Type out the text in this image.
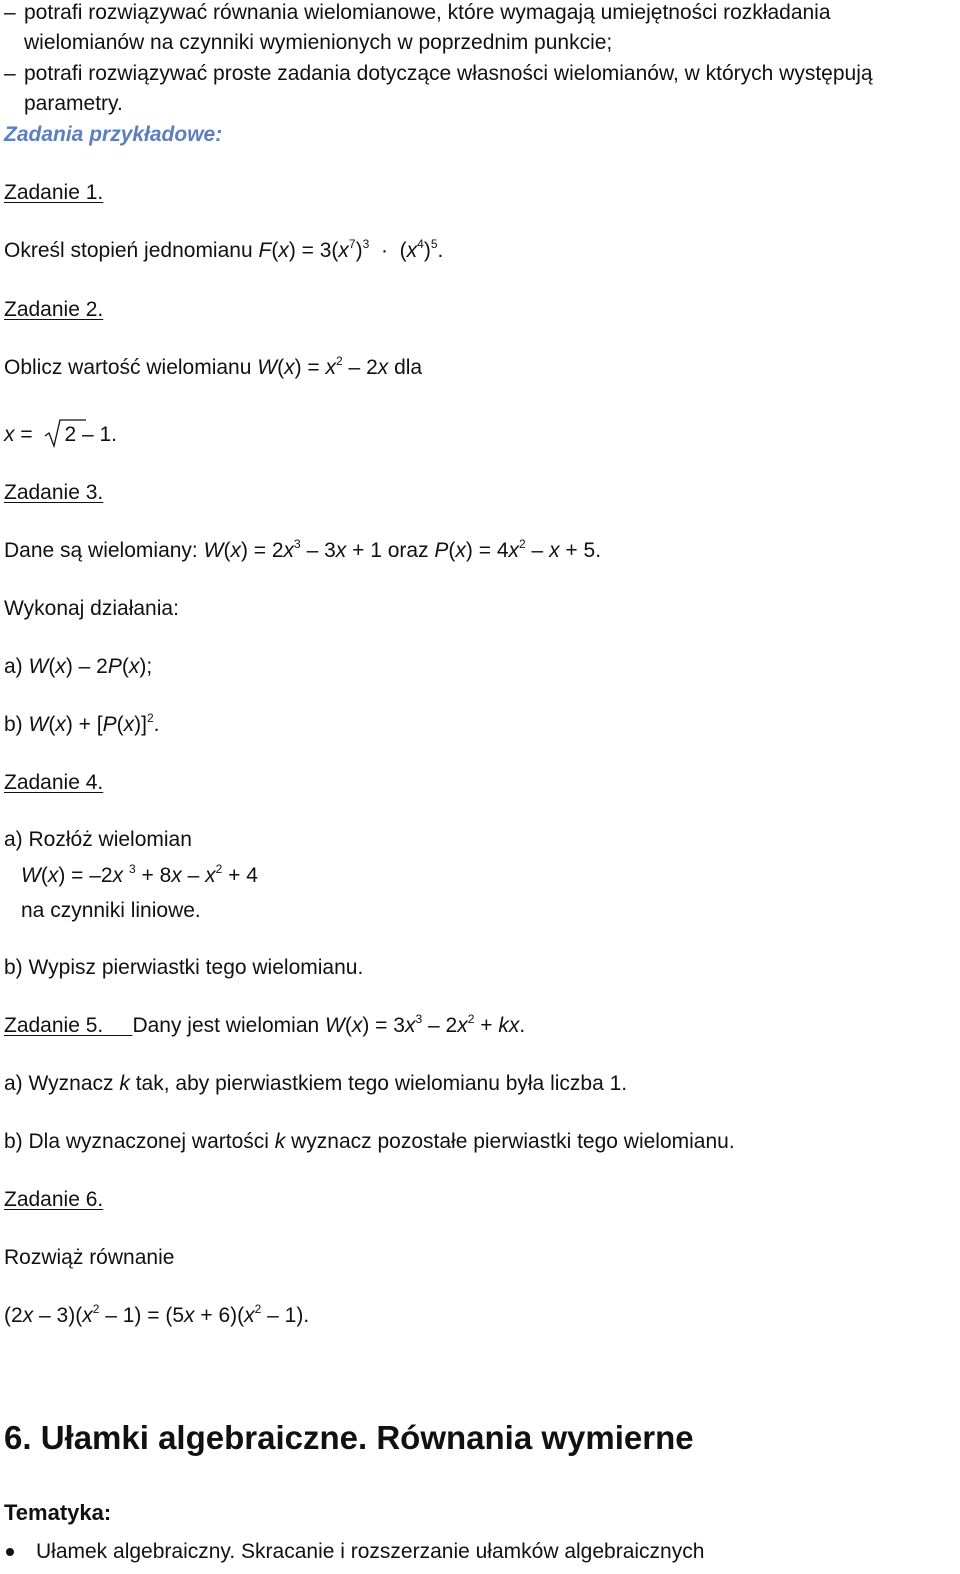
– potrafi rozwiązywać równania wielomianowe, które wymagają umiejętności rozkładania
wielomianów na czynniki wymienionych w poprzednim punkcie;
– potrafi rozwiązywać proste zadania dotyczące własności wielomianów, w których występują
parametry.
Zadania przykładowe:
Zadanie 1.
Określ stopień jednomianu $F(x) = 3(x^7)^3 \cdot (x^4)^5$.
Zadanie 2.
Oblicz wartość wielomianu $W(x) = x^2 - 2x$ dla
x =
2 – 1.
Zadanie 3.
Dane są wielomiany: $W(x) = 2x^3 - 3x + 1$ oraz $P(x) = 4x^2 - x + 5$.
Wykonaj działania:
a) W(x) – 2P(x);
b) $W(x) + [P(x)]^2$.
Zadanie 4.
a) Rozłóż wielomian
W(x) = –2x $^3 + 8x - x^2 + 4$
na czynniki liniowe.
b) Wypisz pierwiastki tego wielomianu.
Zadanie 5. Dany jest wielomian $W(x) = 3x^3 - 2x^2$ + kx.
a) Wyznacz k tak, aby pierwiastkiem tego wielomianu była liczba 1.
b) Dla wyznaczonej wartości k wyznacz pozostałe pierwiastki tego wielomianu.
Zadanie 6.
Rozwiąż równanie
$(2x - 3)(x^2 - 1) = (5x + 6)(x^2 - 1)$.
6. Ułamki algebraiczne. Równania wymierne
Tematyka:
Ułamek algebraiczny. Skracanie i rozszerzanie ułamków algebraicznych
